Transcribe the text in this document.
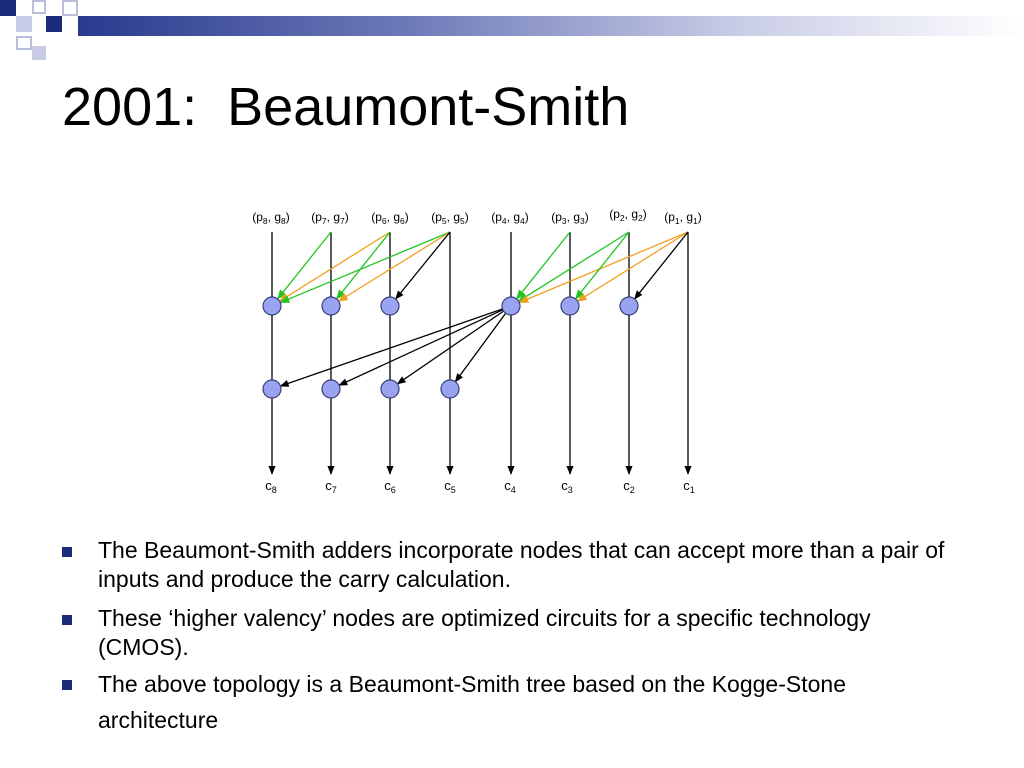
2001:  Beaumont-Smith
($p_8$, $g_8$) ($p_7$, $g_7$) ($p_6$, $g_6$) ($p_5$, $g_5$) ($p_4$, $g_4$) ($p_3$, $g_3$) ($p_2$, $g_2$) ($p_1$, $g_1$)
$c_8$	$c_7$	$c_6$	$c_5$	$c_4$	$c_3$	$c_2$	$c_1$
The Beaumont-Smith adders incorporate nodes that can accept more than a pair of inputs and produce the carry calculation.
These ‘higher valency’ nodes are optimized circuits for a specific technology (CMOS).
The above topology is a Beaumont-Smith tree based on the Kogge-Stone architecture
